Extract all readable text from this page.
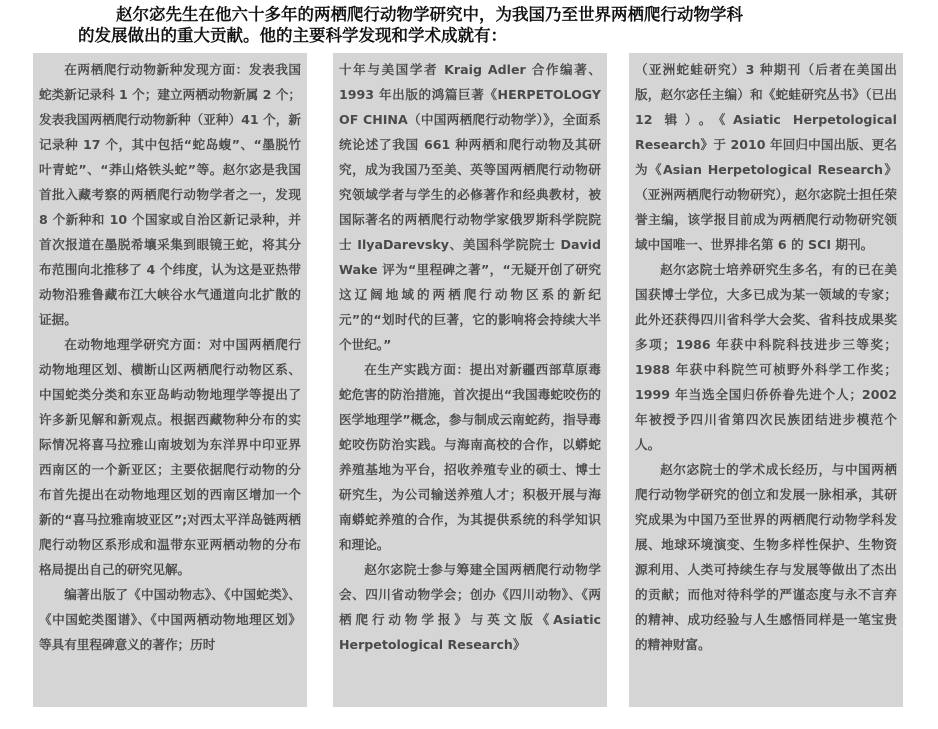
赵尔宓先生在他六十多年的两栖爬行动物学研究中，为我国乃至世界两栖爬行动物学科
的发展做出的重大贡献。他的主要科学发现和学术成就有：

在两栖爬行动物新种发现方面：发表我国蛇类新记录科 1 个；建立两栖动物新属 2 个；发表我国两栖爬行动物新种（亚种）41 个，新记录种 17 个，其中包括“蛇岛蝮”、“墨脱竹叶青蛇”、“莽山烙铁头蛇”等。赵尔宓是我国首批入藏考察的两栖爬行动物学者之一，发现 8 个新种和 10 个国家或自治区新记录种，并首次报道在墨脱希壤采集到眼镜王蛇，将其分布范围向北推移了 4 个纬度，认为这是亚热带动物沿雅鲁藏布江大峡谷水气通道向北扩散的证据。

在动物地理学研究方面：对中国两栖爬行动物地理区划、横断山区两栖爬行动物区系、中国蛇类分类和东亚岛屿动物地理学等提出了许多新见解和新观点。根据西藏物种分布的实际情况将喜马拉雅山南坡划为东洋界中印亚界西南区的一个新亚区；主要依据爬行动物的分布首先提出在动物地理区划的西南区增加一个新的“喜马拉雅南坡亚区”;对西太平洋岛链两栖爬行动物区系形成和温带东亚两栖动物的分布格局提出自己的研究见解。

编著出版了《中国动物志》、《中国蛇类》、《中国蛇类图谱》、《中国两栖动物地理区划》等具有里程碑意义的著作；历时

十年与美国学者 Kraig Adler 合作编著、1993 年出版的鸿篇巨著《HERPETOLOGY OF CHINA（中国两栖爬行动物学）》，全面系统论述了我国 661 种两栖和爬行动物及其研究，成为我国乃至美、英等国两栖爬行动物研究领域学者与学生的必修著作和经典教材，被国际著名的两栖爬行动物学家俄罗斯科学院院士 IlyaDarevsky、美国科学院院士 David Wake 评为“里程碑之著”，“无疑开创了研究这辽阔地域的两栖爬行动物区系的新纪元”的“划时代的巨著，它的影响将会持续大半个世纪。”

在生产实践方面：提出对新疆西部草原毒蛇危害的防治措施，首次提出“我国毒蛇咬伤的医学地理学”概念，参与制成云南蛇药，指导毒蛇咬伤防治实践。与海南高校的合作，以蟒蛇养殖基地为平台，招收养殖专业的硕士、博士研究生，为公司输送养殖人才；积极开展与海南蟒蛇养殖的合作，为其提供系统的科学知识和理论。

赵尔宓院士参与筹建全国两栖爬行动物学会、四川省动物学会；创办《四川动物》、《两栖爬行动物学报》与英文版《Asiatic Herpetological Research》

（亚洲蛇蛙研究）3 种期刊（后者在美国出版，赵尔宓任主编）和《蛇蛙研究丛书》（已出 12 辑）。《Asiatic Herpetological Research》于 2010 年回归中国出版、更名为《Asian Herpetological Research》（亚洲两栖爬行动物研究），赵尔宓院士担任荣誉主编，该学报目前成为两栖爬行动物研究领域中国唯一、世界排名第 6 的 SCI 期刊。

赵尔宓院士培养研究生多名，有的已在美国获博士学位，大多已成为某一领域的专家；此外还获得四川省科学大会奖、省科技成果奖多项；1986 年获中科院科技进步三等奖；1988 年获中科院竺可桢野外科学工作奖；1999 年当选全国归侨侨眷先进个人；2002 年被授予四川省第四次民族团结进步模范个人。

赵尔宓院士的学术成长经历，与中国两栖爬行动物学研究的创立和发展一脉相承，其研究成果为中国乃至世界的两栖爬行动物学科发展、地球环境演变、生物多样性保护、生物资源利用、人类可持续生存与发展等做出了杰出的贡献；而他对待科学的严谨态度与永不言弃的精神、成功经验与人生感悟同样是一笔宝贵的精神财富。
